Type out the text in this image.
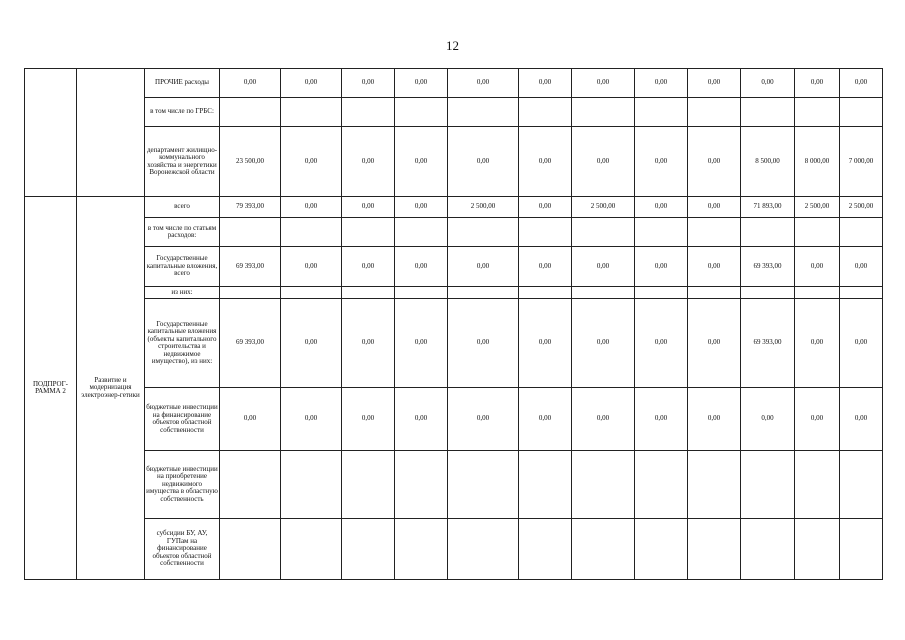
12
		ПРОЧИЕ расходы	0,00	0,00	0,00	0,00	0,00	0,00	0,00	0,00	0,00	0,00	0,00	0,00
		в том числе по ГРБС:												
		департамент жилищно-коммунального хозяйства и энергетики Воронежской области	23 500,00	0,00	0,00	0,00	0,00	0,00	0,00	0,00	0,00	8 500,00	8 000,00	7 000,00
ПОДПРОГ-РАММА 2	Развитие и модернизация электроэнер-гетики	всего	79 393,00	0,00	0,00	0,00	2 500,00	0,00	2 500,00	0,00	0,00	71 893,00	2 500,00	2 500,00
		в том числе по статьям расходов:												
		Государственные капитальные вложения, всего	69 393,00	0,00	0,00	0,00	0,00	0,00	0,00	0,00	0,00	69 393,00	0,00	0,00
		из них:												
		Государственные капитальные вложения (объекты капитального строительства и недвижимое имущество), из них:	69 393,00	0,00	0,00	0,00	0,00	0,00	0,00	0,00	0,00	69 393,00	0,00	0,00
		бюджетные инвестиции на финансирование объектов областной собственности	0,00	0,00	0,00	0,00	0,00	0,00	0,00	0,00	0,00	0,00	0,00	0,00
		бюджетные инвестиции на приобретение недвижимого имущества в областную собственность												
		субсидии БУ, АУ, ГУПам на финансирование объектов областной собственности												
